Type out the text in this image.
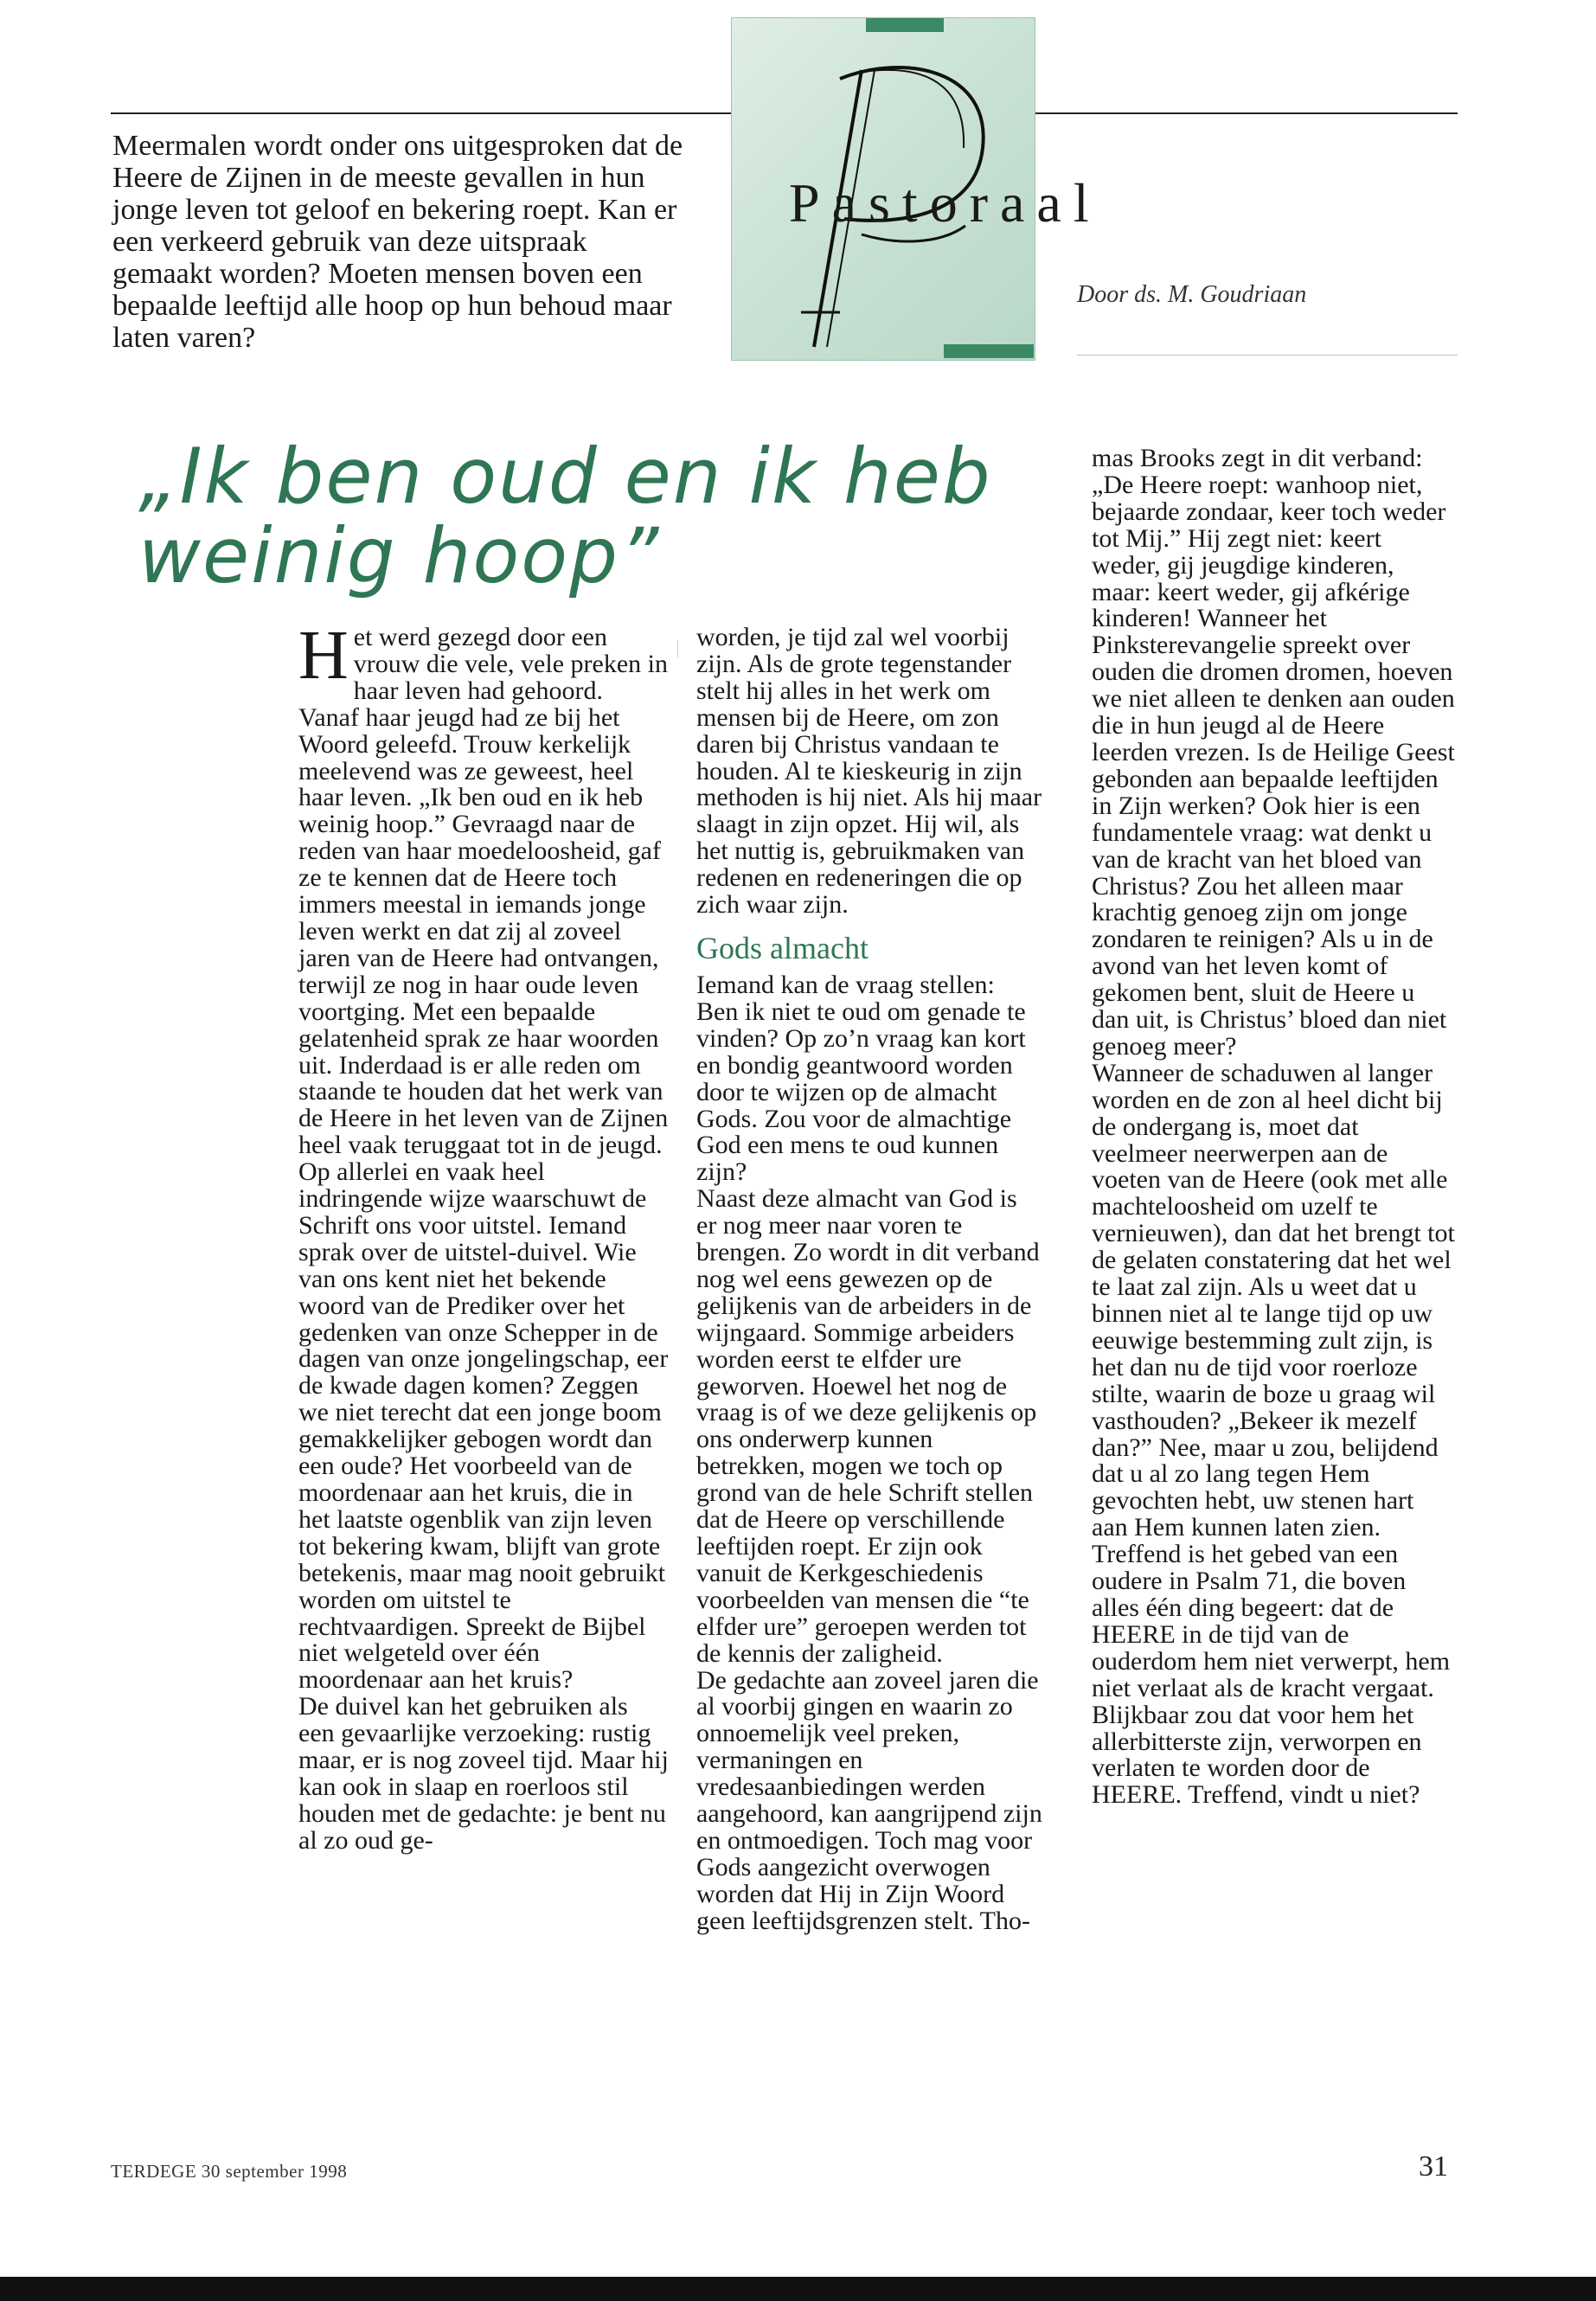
Meermalen wordt onder ons uitgesproken dat de Heere de Zijnen in de meeste gevallen in hun jonge leven tot geloof en bekering roept. Kan er een verkeerd gebruik van deze uitspraak gemaakt worden? Moeten mensen boven een bepaalde leeftijd alle hoop op hun behoud maar laten varen?

Pastoraal
Door ds. M. Goudriaan
„Ik ben oud en ik heb weinig hoop”

Het werd gezegd door een vrouw die vele, vele preken in haar leven had gehoord. Vanaf haar jeugd had ze bij het Woord geleefd. Trouw kerkelijk meelevend was ze geweest, heel haar leven. „Ik ben oud en ik heb weinig hoop.” Gevraagd naar de reden van haar moedeloosheid, gaf ze te kennen dat de Heere toch immers meestal in iemands jonge leven werkt en dat zij al zoveel jaren van de Heere had ontvangen, terwijl ze nog in haar oude leven voortging. Met een bepaalde gelatenheid sprak ze haar woorden uit. Inderdaad is er alle reden om staande te houden dat het werk van de Heere in het leven van de Zijnen heel vaak teruggaat tot in de jeugd. Op allerlei en vaak heel indringende wijze waarschuwt de Schrift ons voor uitstel. Iemand sprak over de uitstel-duivel. Wie van ons kent niet het bekende woord van de Prediker over het gedenken van onze Schepper in de dagen van onze jongelingschap, eer de kwade dagen komen? Zeggen we niet terecht dat een jonge boom gemakkelijker gebogen wordt dan een oude? Het voorbeeld van de moordenaar aan het kruis, die in het laatste ogenblik van zijn leven tot bekering kwam, blijft van grote betekenis, maar mag nooit gebruikt worden om uitstel te rechtvaardigen. Spreekt de Bijbel niet welgeteld over één moordenaar aan het kruis?

De duivel kan het gebruiken als een gevaarlijke verzoeking: rustig maar, er is nog zoveel tijd. Maar hij kan ook in slaap en roerloos stil houden met de gedachte: je bent nu al zo oud ge-

worden, je tijd zal wel voorbij zijn. Als de grote tegenstander stelt hij alles in het werk om mensen bij de Heere, om zon daren bij Christus vandaan te houden. Al te kieskeurig in zijn methoden is hij niet. Als hij maar slaagt in zijn opzet. Hij wil, als het nuttig is, gebruikmaken van redenen en redeneringen die op zich waar zijn.

Gods almacht

Iemand kan de vraag stellen: Ben ik niet te oud om genade te vinden? Op zo’n vraag kan kort en bondig geantwoord worden door te wijzen op de almacht Gods. Zou voor de almachtige God een mens te oud kunnen zijn?

Naast deze almacht van God is er nog meer naar voren te brengen. Zo wordt in dit verband nog wel eens gewezen op de gelijkenis van de arbeiders in de wijngaard. Sommige arbeiders worden eerst te elfder ure geworven. Hoewel het nog de vraag is of we deze gelijkenis op ons onderwerp kunnen betrekken, mogen we toch op grond van de hele Schrift stellen dat de Heere op verschillende leeftijden roept. Er zijn ook vanuit de Kerkgeschiedenis voorbeelden van mensen die “te elfder ure” geroepen werden tot de kennis der zaligheid.

De gedachte aan zoveel jaren die al voorbij gingen en waarin zo onnoemelijk veel preken, vermaningen en vredesaanbiedingen werden aangehoord, kan aangrijpend zijn en ontmoedigen. Toch mag voor Gods aangezicht overwogen worden dat Hij in Zijn Woord geen leeftijdsgrenzen stelt. Tho-

mas Brooks zegt in dit verband: „De Heere roept: wanhoop niet, bejaarde zondaar, keer toch weder tot Mij.” Hij zegt niet: keert weder, gij jeugdige kinderen, maar: keert weder, gij afkérige kinderen! Wanneer het Pinksterevangelie spreekt over ouden die dromen dromen, hoeven we niet alleen te denken aan ouden die in hun jeugd al de Heere leerden vrezen. Is de Heilige Geest gebonden aan bepaalde leeftijden in Zijn werken? Ook hier is een fundamentele vraag: wat denkt u van de kracht van het bloed van Christus? Zou het alleen maar krachtig genoeg zijn om jonge zondaren te reinigen? Als u in de avond van het leven komt of gekomen bent, sluit de Heere u dan uit, is Christus’ bloed dan niet genoeg meer?

Wanneer de schaduwen al langer worden en de zon al heel dicht bij de ondergang is, moet dat veelmeer neerwerpen aan de voeten van de Heere (ook met alle machteloosheid om uzelf te vernieuwen), dan dat het brengt tot de gelaten constatering dat het wel te laat zal zijn. Als u weet dat u binnen niet al te lange tijd op uw eeuwige bestemming zult zijn, is het dan nu de tijd voor roerloze stilte, waarin de boze u graag wil vasthouden? „Bekeer ik mezelf dan?” Nee, maar u zou, belijdend dat u al zo lang tegen Hem gevochten hebt, uw stenen hart aan Hem kunnen laten zien.

Treffend is het gebed van een oudere in Psalm 71, die boven alles één ding begeert: dat de HEERE in de tijd van de ouderdom hem niet verwerpt, hem niet verlaat als de kracht vergaat. Blijkbaar zou dat voor hem het allerbitterste zijn, verworpen en verlaten te worden door de HEERE. Treffend, vindt u niet?

TERDEGE 30 september 1998	31
